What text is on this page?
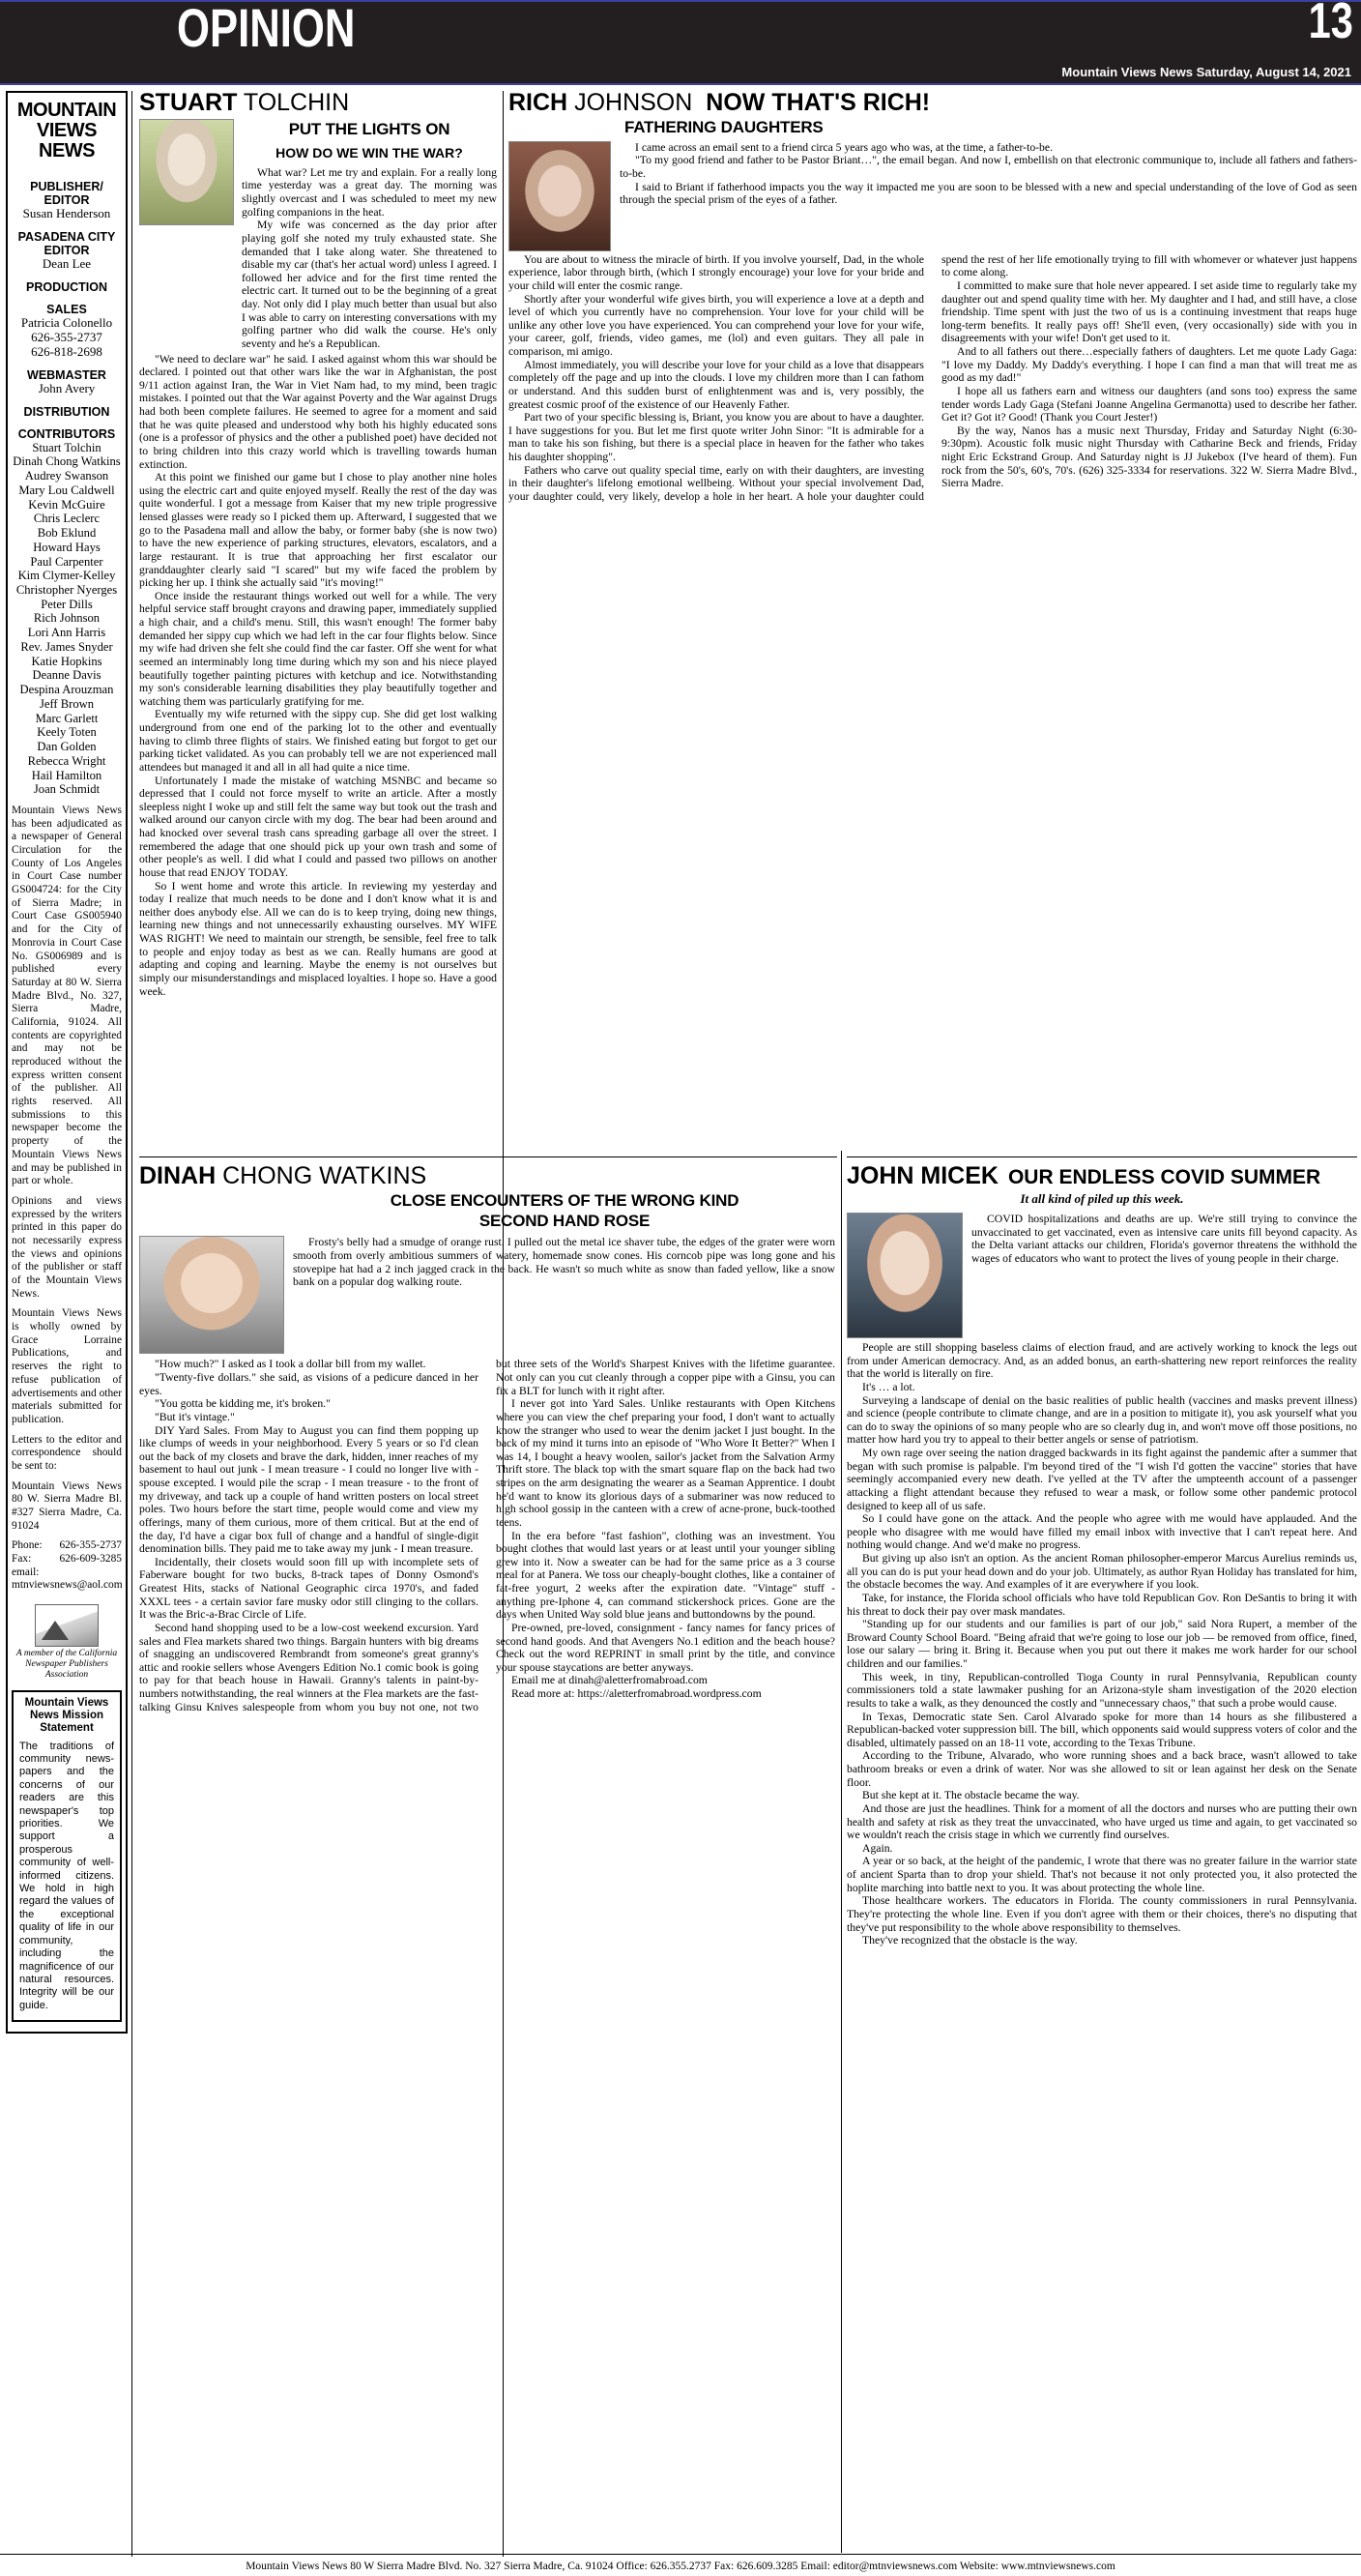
OPINION	13
Mountain Views News Saturday, August 14, 2021
MOUNTAIN
VIEWS
NEWS
PUBLISHER/ EDITOR
Susan Henderson
PASADENA CITY
EDITOR
Dean Lee
PRODUCTION
SALES
Patricia Colonello
626-355-2737
626-818-2698
WEBMASTER
John Avery
DISTRIBUTION
CONTRIBUTORS
Stuart Tolchin
Dinah Chong Watkins
Audrey Swanson
Mary Lou Caldwell
Kevin McGuire
Chris Leclerc
Bob Eklund
Howard Hays
Paul Carpenter
Kim Clymer-Kelley
Christopher Nyerges
Peter Dills
Rich Johnson
Lori Ann Harris
Rev. James Snyder
Katie Hopkins
Deanne Davis
Despina Arouzman
Jeff Brown
Marc Garlett
Keely Toten
Dan Golden
Rebecca Wright
Hail Hamilton
Joan Schmidt

Mountain Views News has been adjudicated as a newspaper of General Circulation for the County of Los Angeles in Court Case number GS004724: for the City of Sierra Madre; in Court Case GS005940 and for the City of Monrovia in Court Case No. GS006989 and is published every Saturday at 80 W. Sierra Madre Blvd., No. 327, Sierra Madre, California, 91024. All contents are copyrighted and may not be reproduced without the express written consent of the publisher. All rights reserved. All submissions to this newspaper become the property of the Mountain Views News and may be published in part or whole.

Opinions and views expressed by the writers printed in this paper do not necessarily express the views and opinions of the publisher or staff of the Mountain Views News.

Mountain Views News is wholly owned by Grace Lorraine Publications, and reserves the right to refuse publication of advertisements and other materials submitted for publication.

Letters to the editor and correspondence should be sent to:

Mountain Views News 80 W. Sierra Madre Bl. #327 Sierra Madre, Ca. 91024

Phone: 626-355-2737 Fax: 626-609-3285 email: mtnviewsnews@aol.com

A member of the California Newspaper Publishers Association
Mountain Views News Mission Statement
The traditions of community news-papers and the concerns of our readers are this newspaper's top priorities. We support a prosperous community of well-informed citizens. We hold in high regard the values of the exceptional quality of life in our community, including the magnificence of our natural resources. Integrity will be our guide.
STUART TOLCHIN
PUT THE LIGHTS ON
HOW DO WE WIN THE WAR?

What war? Let me try and explain. For a really long time yesterday was a great day. The morning was slightly overcast and I was scheduled to meet my new golfing companions in the heat.

My wife was concerned as the day prior after playing golf she noted my truly exhausted state. She demanded that I take along water. She threatened to disable my car (that's her actual word) unless I agreed. I followed her advice and for the first time rented the electric cart. It turned out to be the beginning of a great day. Not only did I play much better than usual but also I was able to carry on interesting conversations with my golfing partner who did walk the course. He's only seventy and he's a Republican.

"We need to declare war" he said. I asked against whom this war should be declared. I pointed out that other wars like the war in Afghanistan, the post 9/11 action against Iran, the War in Viet Nam had, to my mind, been tragic mistakes. I pointed out that the War against Poverty and the War against Drugs had both been complete failures. He seemed to agree for a moment and said that he was quite pleased and understood why both his highly educated sons (one is a professor of physics and the other a published poet) have decided not to bring children into this crazy world which is travelling towards human extinction.

At this point we finished our game but I chose to play another nine holes using the electric cart and quite enjoyed myself. Really the rest of the day was quite wonderful. I got a message from Kaiser that my new triple progressive lensed glasses were ready so I picked them up. Afterward, I suggested that we go to the Pasadena mall and allow the baby, or former baby (she is now two) to have the new experience of parking structures, elevators, escalators, and a large restaurant. It is true that approaching her first escalator our granddaughter clearly said "I scared" but my wife faced the problem by picking her up. I think she actually said "it's moving!"

Once inside the restaurant things worked out well for a while. The very helpful service staff brought crayons and drawing paper, immediately supplied a high chair, and a child's menu. Still, this wasn't enough! The former baby demanded her sippy cup which we had left in the car four flights below. Since my wife had driven she felt she could find the car faster. Off she went for what seemed an interminably long time during which my son and his niece played beautifully together painting pictures with ketchup and ice. Notwithstanding my son's considerable learning disabilities they play beautifully together and watching them was particularly gratifying for me.

Eventually my wife returned with the sippy cup. She did get lost walking underground from one end of the parking lot to the other and eventually having to climb three flights of stairs. We finished eating but forgot to get our parking ticket validated. As you can probably tell we are not experienced mall attendees but managed it and all in all had quite a nice time.

Unfortunately I made the mistake of watching MSNBC and became so depressed that I could not force myself to write an article. After a mostly sleepless night I woke up and still felt the same way but took out the trash and walked around our canyon circle with my dog. The bear had been around and had knocked over several trash cans spreading garbage all over the street. I remembered the adage that one should pick up your own trash and some of other people's as well. I did what I could and passed two pillows on another house that read ENJOY TODAY.

So I went home and wrote this article. In reviewing my yesterday and today I realize that much needs to be done and I don't know what it is and neither does anybody else. All we can do is to keep trying, doing new things, learning new things and not unnecessarily exhausting ourselves. MY WIFE WAS RIGHT! We need to maintain our strength, be sensible, feel free to talk to people and enjoy today as best as we can. Really humans are good at adapting and coping and learning. Maybe the enemy is not ourselves but simply our misunderstandings and misplaced loyalties. I hope so. Have a good week.

RICH JOHNSON NOW THAT'S RICH!
FATHERING DAUGHTERS

I came across an email sent to a friend circa 5 years ago who was, at the time, a father-to-be.

"To my good friend and father to be Pastor Briant…", the email began. And now I, embellish on that electronic communique to, include all fathers and fathers-to-be.

I said to Briant if fatherhood impacts you the way it impacted me you are soon to be blessed with a new and special understanding of the love of God as seen through the special prism of the eyes of a father.

You are about to witness the miracle of birth. If you involve yourself, Dad, in the whole experience, labor through birth, (which I strongly encourage) your love for your bride and your child will enter the cosmic range.

Shortly after your wonderful wife gives birth, you will experience a love at a depth and level of which you currently have no comprehension. Your love for your child will be unlike any other love you have experienced. You can comprehend your love for your wife, your career, golf, friends, video games, me (lol) and even guitars. They all pale in comparison, mi amigo.

Almost immediately, you will describe your love for your child as a love that disappears completely off the page and up into the clouds. I love my children more than I can fathom or understand. And this sudden burst of enlightenment was and is, very possibly, the greatest cosmic proof of the existence of our Heavenly Father.

Part two of your specific blessing is, Briant, you know you are about to have a daughter. I have suggestions for you. But let me first quote writer John Sinor: "It is admirable for a man to take his son fishing, but there is a special place in heaven for the father who takes his daughter shopping".

Fathers who carve out quality special time, early on with their daughters, are investing in their daughter's lifelong emotional wellbeing. Without your special involvement Dad, your daughter could, very likely, develop a hole in her heart. A hole your daughter could spend the rest of her life emotionally trying to fill with whomever or whatever just happens to come along.

I committed to make sure that hole never appeared. I set aside time to regularly take my daughter out and spend quality time with her. My daughter and I had, and still have, a close friendship. Time spent with just the two of us is a continuing investment that reaps huge long-term benefits. It really pays off! She'll even, (very occasionally) side with you in disagreements with your wife! Don't get used to it.

And to all fathers out there…especially fathers of daughters. Let me quote Lady Gaga: "I love my Daddy. My Daddy's everything. I hope I can find a man that will treat me as good as my dad!"

I hope all us fathers earn and witness our daughters (and sons too) express the same tender words Lady Gaga (Stefani Joanne Angelina Germanotta) used to describe her father. Get it? Got it? Good! (Thank you Court Jester!)

By the way, Nanos has a music next Thursday, Friday and Saturday Night (6:30-9:30pm). Acoustic folk music night Thursday with Catharine Beck and friends, Friday night Eric Eckstrand Group. And Saturday night is JJ Jukebox (I've heard of them). Fun rock from the 50's, 60's, 70's. (626) 325-3334 for reservations. 322 W. Sierra Madre Blvd., Sierra Madre.

DINAH CHONG WATKINS
CLOSE ENCOUNTERS OF THE WRONG KIND
SECOND HAND ROSE

Frosty's belly had a smudge of orange rust. I pulled out the metal ice shaver tube, the edges of the grater were worn smooth from overly ambitious summers of watery, homemade snow cones. His corncob pipe was long gone and his stovepipe hat had a 2 inch jagged crack in the back. He wasn't so much white as snow than faded yellow, like a snow bank on a popular dog walking route.

"How much?" I asked as I took a dollar bill from my wallet.

"Twenty-five dollars." she said, as visions of a pedicure danced in her eyes.

"You gotta be kidding me, it's broken."

"But it's vintage."

DIY Yard Sales. From May to August you can find them popping up like clumps of weeds in your neighborhood. Every 5 years or so I'd clean out the back of my closets and brave the dark, hidden, inner reaches of my basement to haul out junk - I mean treasure - I could no longer live with - spouse excepted. I would pile the scrap - I mean treasure - to the front of my driveway, and tack up a couple of hand written posters on local street poles. Two hours before the start time, people would come and view my offerings, many of them curious, more of them critical. But at the end of the day, I'd have a cigar box full of change and a handful of single-digit denomination bills. They paid me to take away my junk - I mean treasure.

Incidentally, their closets would soon fill up with incomplete sets of Faberware bought for two bucks, 8-track tapes of Donny Osmond's Greatest Hits, stacks of National Geographic circa 1970's, and faded XXXL tees - a certain savior fare musky odor still clinging to the collars. It was the Bric-a-Brac Circle of Life.

Second hand shopping used to be a low-cost weekend excursion. Yard sales and Flea markets shared two things. Bargain hunters with big dreams of snagging an undiscovered Rembrandt from someone's great granny's attic and rookie sellers whose Avengers Edition No.1 comic book is going to pay for that beach house in Hawaii. Granny's talents in paint-by-numbers notwithstanding, the real winners at the Flea markets are the fast-talking Ginsu Knives salespeople from whom you buy not one, not two but three sets of the World's Sharpest Knives with the lifetime guarantee. Not only can you cut cleanly through a copper pipe with a Ginsu, you can fix a BLT for lunch with it right after.

I never got into Yard Sales. Unlike restaurants with Open Kitchens where you can view the chef preparing your food, I don't want to actually know the stranger who used to wear the denim jacket I just bought. In the back of my mind it turns into an episode of "Who Wore It Better?" When I was 14, I bought a heavy woolen, sailor's jacket from the Salvation Army Thrift store. The black top with the smart square flap on the back had two stripes on the arm designating the wearer as a Seaman Apprentice. I doubt he'd want to know its glorious days of a submariner was now reduced to high school gossip in the canteen with a crew of acne-prone, buck-toothed teens.

In the era before "fast fashion", clothing was an investment. You bought clothes that would last years or at least until your younger sibling grew into it. Now a sweater can be had for the same price as a 3 course meal for at Panera. We toss our cheaply-bought clothes, like a container of fat-free yogurt, 2 weeks after the expiration date. "Vintage" stuff - anything pre-Iphone 4, can command stickershock prices. Gone are the days when United Way sold blue jeans and buttondowns by the pound.

Pre-owned, pre-loved, consignment - fancy names for fancy prices of second hand goods. And that Avengers No.1 edition and the beach house? Check out the word REPRINT in small print by the title, and convince your spouse staycations are better anyways.

Email me at dinah@aletterfromabroad.com

Read more at: https://aletterfromabroad.wordpress.com

JOHN MICEK OUR ENDLESS COVID SUMMER
It all kind of piled up this week.

COVID hospitalizations and deaths are up. We're still trying to convince the unvaccinated to get vaccinated, even as intensive care units fill beyond capacity. As the Delta variant attacks our children, Florida's governor threatens the withhold the wages of educators who want to protect the lives of young people in their charge.

People are still shopping baseless claims of election fraud, and are actively working to knock the legs out from under American democracy. And, as an added bonus, an earth-shattering new report reinforces the reality that the world is literally on fire.

It's … a lot.

Surveying a landscape of denial on the basic realities of public health (vaccines and masks prevent illness) and science (people contribute to climate change, and are in a position to mitigate it), you ask yourself what you can do to sway the opinions of so many people who are so clearly dug in, and won't move off those positions, no matter how hard you try to appeal to their better angels or sense of patriotism.

My own rage over seeing the nation dragged backwards in its fight against the pandemic after a summer that began with such promise is palpable. I'm beyond tired of the "I wish I'd gotten the vaccine" stories that have seemingly accompanied every new death. I've yelled at the TV after the umpteenth account of a passenger attacking a flight attendant because they refused to wear a mask, or follow some other pandemic protocol designed to keep all of us safe.

So I could have gone on the attack. And the people who agree with me would have applauded. And the people who disagree with me would have filled my email inbox with invective that I can't repeat here. And nothing would change. And we'd make no progress.

But giving up also isn't an option. As the ancient Roman philosopher-emperor Marcus Aurelius reminds us, all you can do is put your head down and do your job. Ultimately, as author Ryan Holiday has translated for him, the obstacle becomes the way. And examples of it are everywhere if you look.

Take, for instance, the Florida school officials who have told Republican Gov. Ron DeSantis to bring it with his threat to dock their pay over mask mandates.

"Standing up for our students and our families is part of our job," said Nora Rupert, a member of the Broward County School Board. "Being afraid that we're going to lose our job — be removed from office, fined, lose our salary — bring it. Bring it. Because when you put out there it makes me work harder for our school children and our families."

This week, in tiny, Republican-controlled Tioga County in rural Pennsylvania, Republican county commissioners told a state lawmaker pushing for an Arizona-style sham investigation of the 2020 election results to take a walk, as they denounced the costly and "unnecessary chaos," that such a probe would cause.

In Texas, Democratic state Sen. Carol Alvarado spoke for more than 14 hours as she filibustered a Republican-backed voter suppression bill. The bill, which opponents said would suppress voters of color and the disabled, ultimately passed on an 18-11 vote, according to the Texas Tribune.

According to the Tribune, Alvarado, who wore running shoes and a back brace, wasn't allowed to take bathroom breaks or even a drink of water. Nor was she allowed to sit or lean against her desk on the Senate floor.

But she kept at it. The obstacle became the way.

And those are just the headlines. Think for a moment of all the doctors and nurses who are putting their own health and safety at risk as they treat the unvaccinated, who have urged us time and again, to get vaccinated so we wouldn't reach the crisis stage in which we currently find ourselves.

Again.

A year or so back, at the height of the pandemic, I wrote that there was no greater failure in the warrior state of ancient Sparta than to drop your shield. That's not because it not only protected you, it also protected the hoplite marching into battle next to you. It was about protecting the whole line.

Those healthcare workers. The educators in Florida. The county commissioners in rural Pennsylvania. They're protecting the whole line. Even if you don't agree with them or their choices, there's no disputing that they've put responsibility to the whole above responsibility to themselves.

They've recognized that the obstacle is the way.

Mountain Views News 80 W Sierra Madre Blvd. No. 327 Sierra Madre, Ca. 91024 Office: 626.355.2737 Fax: 626.609.3285 Email: editor@mtnviewsnews.com Website: www.mtnviewsnews.com
